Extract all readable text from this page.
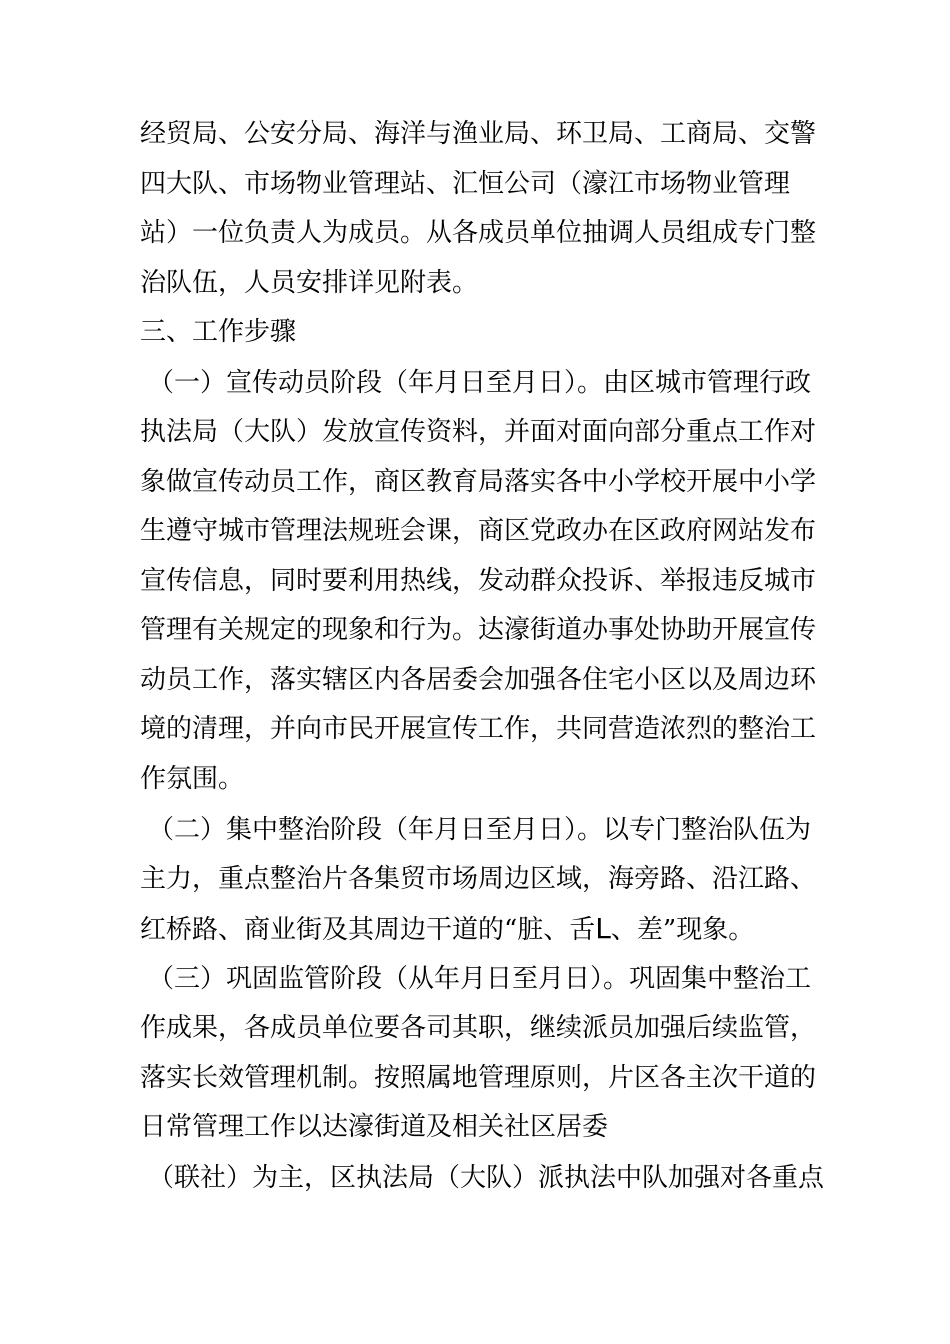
经贸局、公安分局、海洋与渔业局、环卫局、工商局、交警
四大队、市场物业管理站、汇恒公司（濠江市场物业管理
站）一位负责人为成员。从各成员单位抽调人员组成专门整
治队伍，人员安排详见附表。
三、工作步骤
（一）宣传动员阶段（年月日至月日）。由区城市管理行政
执法局（大队）发放宣传资料，并面对面向部分重点工作对
象做宣传动员工作，商区教育局落实各中小学校开展中小学
生遵守城市管理法规班会课，商区党政办在区政府网站发布
宣传信息，同时要利用热线，发动群众投诉、举报违反城市
管理有关规定的现象和行为。达濠街道办事处协助开展宣传
动员工作，落实辖区内各居委会加强各住宅小区以及周边环
境的清理，并向市民开展宣传工作，共同营造浓烈的整治工
作氛围。
（二）集中整治阶段（年月日至月日）。以专门整治队伍为
主力，重点整治片各集贸市场周边区域，海旁路、沿江路、
红桥路、商业街及其周边干道的“脏、舌L、差”现象。
（三）巩固监管阶段（从年月日至月日）。巩固集中整治工
作成果，各成员单位要各司其职，继续派员加强后续监管，
落实长效管理机制。按照属地管理原则，片区各主次干道的
日常管理工作以达濠街道及相关社区居委
（联社）为主，区执法局（大队）派执法中队加强对各重点
